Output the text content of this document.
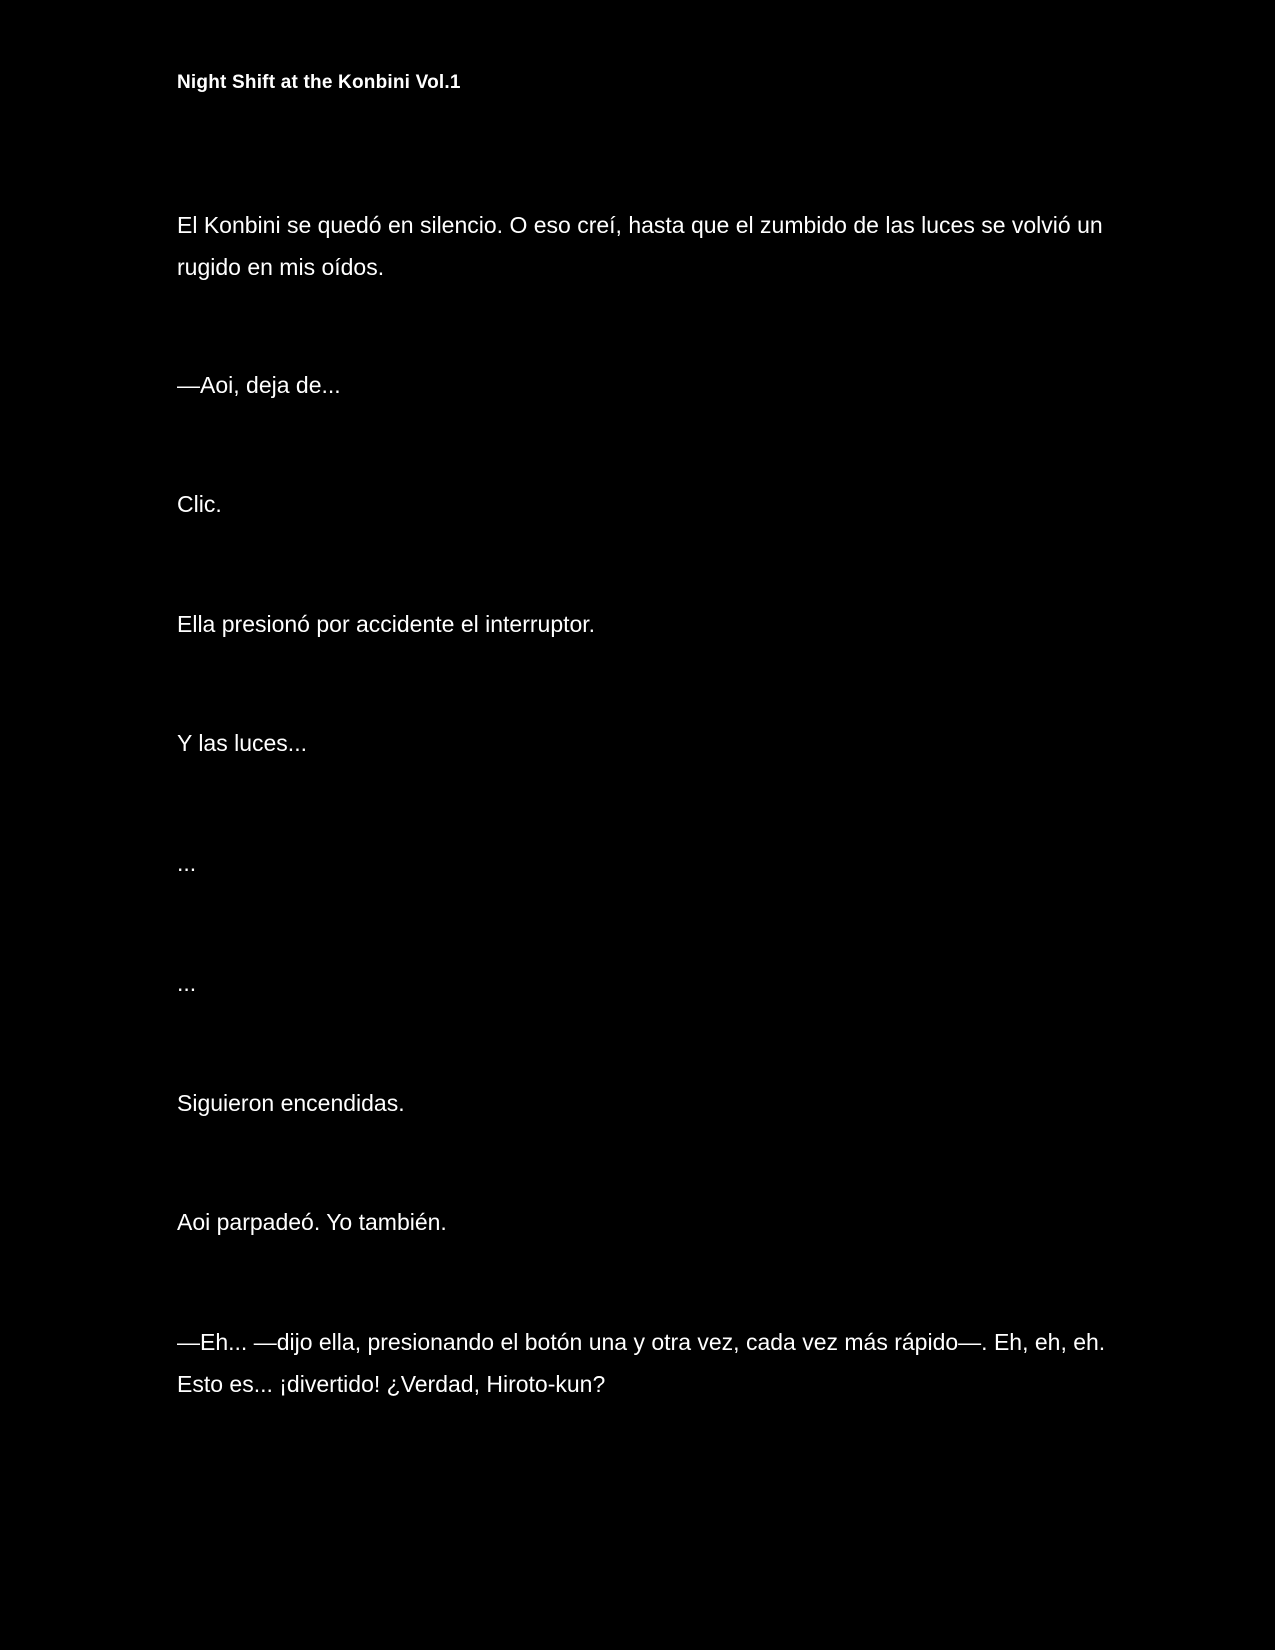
Night Shift at the Konbini Vol.1

El Konbini se quedó en silencio. O eso creí, hasta que el zumbido de las luces se volvió un rugido en mis oídos.

—Aoi, deja de...

Clic.

Ella presionó por accidente el interruptor.

Y las luces...

...

...

Siguieron encendidas.

Aoi parpadeó. Yo también.

—Eh... —dijo ella, presionando el botón una y otra vez, cada vez más rápido—. Eh, eh, eh. Esto es... ¡divertido! ¿Verdad, Hiroto-kun?
